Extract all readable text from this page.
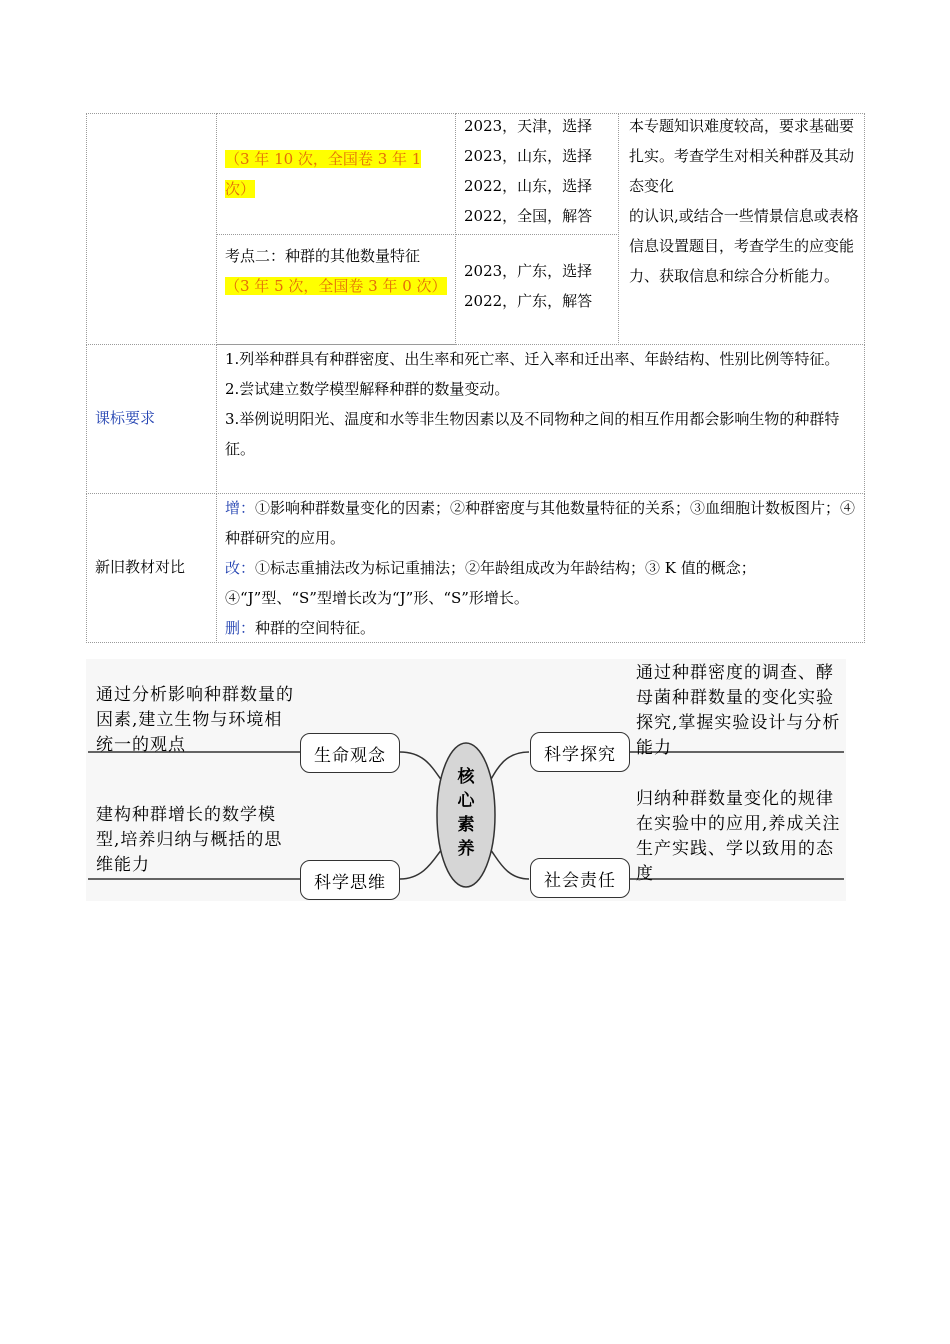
（3 年 10 次，全国卷 3 年 1 次）
2023，天津，选择
2023，山东，选择
2022，山东，选择
2022，全国，解答
本专题知识难度较高，要求基础要扎实。考查学生对相关种群及其动态变化
的认识,或结合一些情景信息或表格信息设置题目，考查学生的应变能力、获取信息和综合分析能力。
考点二：种群的其他数量特征
（3 年 5 次，全国卷 3 年 0 次）
2023，广东，选择
2022，广东，解答
课标要求
1.列举种群具有种群密度、出生率和死亡率、迁入率和迁出率、年龄结构、性别比例等特征。
2.尝试建立数学模型解释种群的数量变动。
3.举例说明阳光、温度和水等非生物因素以及不同物种之间的相互作用都会影响生物的种群特征。
新旧教材对比
增：①影响种群数量变化的因素；②种群密度与其他数量特征的关系；③血细胞计数板图片；④种群研究的应用。
改：①标志重捕法改为标记重捕法；②年龄组成改为年龄结构；③ K 值的概念；④“J”型、“S”型增长改为“J”形、“S”形增长。
删：种群的空间特征。
核心素养
通过分析影响种群数量的因素,建立生物与环境相统一的观点
生命观念
建构种群增长的数学模型,培养归纳与概括的思维能力
科学思维
通过种群密度的调查、酵母菌种群数量的变化实验探究,掌握实验设计与分析能力
科学探究
归纳种群数量变化的规律在实验中的应用,养成关注生产实践、学以致用的态度
社会责任
